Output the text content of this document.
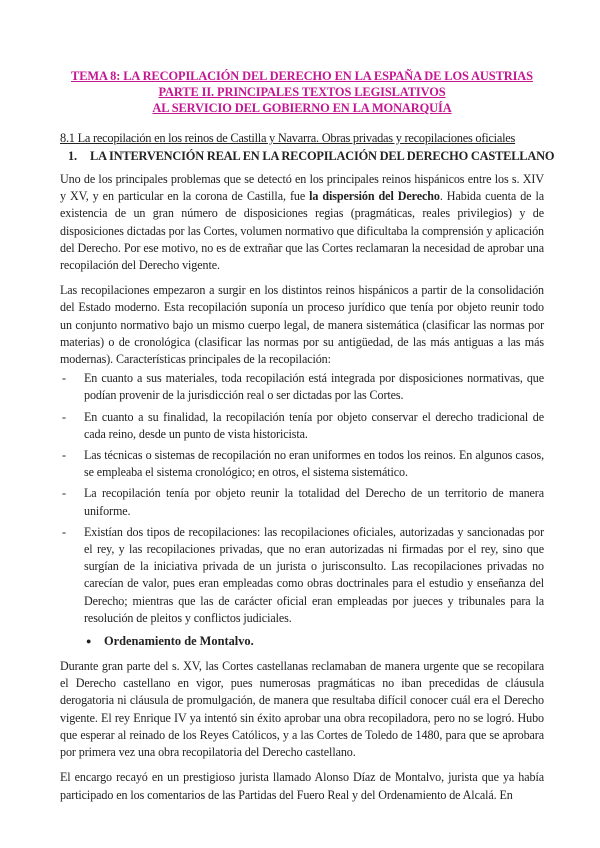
TEMA 8: LA RECOPILACIÓN DEL DERECHO EN LA ESPAÑA DE LOS AUSTRIAS
PARTE II. PRINCIPALES TEXTOS LEGISLATIVOS
AL SERVICIO DEL GOBIERNO EN LA MONARQUÍA
8.1 La recopilación en los reinos de Castilla y Navarra. Obras privadas y recopilaciones oficiales
1. LA INTERVENCIÓN REAL EN LA RECOPILACIÓN DEL DERECHO CASTELLANO

Uno de los principales problemas que se detectó en los principales reinos hispánicos entre los s. XIV y XV, y en particular en la corona de Castilla, fue la dispersión del Derecho. Habida cuenta de la existencia de un gran número de disposiciones regias (pragmáticas, reales privilegios) y de disposiciones dictadas por las Cortes, volumen normativo que dificultaba la comprensión y aplicación del Derecho. Por ese motivo, no es de extrañar que las Cortes reclamaran la necesidad de aprobar una recopilación del Derecho vigente.

Las recopilaciones empezaron a surgir en los distintos reinos hispánicos a partir de la consolidación del Estado moderno. Esta recopilación suponía un proceso jurídico que tenía por objeto reunir todo un conjunto normativo bajo un mismo cuerpo legal, de manera sistemática (clasificar las normas por materias) o de cronológica (clasificar las normas por su antigüedad, de las más antiguas a las más modernas). Características principales de la recopilación:

- En cuanto a sus materiales, toda recopilación está integrada por disposiciones normativas, que podían provenir de la jurisdicción real o ser dictadas por las Cortes.
- En cuanto a su finalidad, la recopilación tenía por objeto conservar el derecho tradicional de cada reino, desde un punto de vista historicista.
- Las técnicas o sistemas de recopilación no eran uniformes en todos los reinos. En algunos casos, se empleaba el sistema cronológico; en otros, el sistema sistemático.
- La recopilación tenía por objeto reunir la totalidad del Derecho de un territorio de manera uniforme.
- Existían dos tipos de recopilaciones: las recopilaciones oficiales, autorizadas y sancionadas por el rey, y las recopilaciones privadas, que no eran autorizadas ni firmadas por el rey, sino que surgían de la iniciativa privada de un jurista o jurisconsulto. Las recopilaciones privadas no carecían de valor, pues eran empleadas como obras doctrinales para el estudio y enseñanza del Derecho; mientras que las de carácter oficial eran empleadas por jueces y tribunales para la resolución de pleitos y conflictos judiciales.
● Ordenamiento de Montalvo.

Durante gran parte del s. XV, las Cortes castellanas reclamaban de manera urgente que se recopilara el Derecho castellano en vigor, pues numerosas pragmáticas no iban precedidas de cláusula derogatoria ni cláusula de promulgación, de manera que resultaba difícil conocer cuál era el Derecho vigente. El rey Enrique IV ya intentó sin éxito aprobar una obra recopiladora, pero no se logró. Hubo que esperar al reinado de los Reyes Católicos, y a las Cortes de Toledo de 1480, para que se aprobara por primera vez una obra recopilatoria del Derecho castellano.

El encargo recayó en un prestigioso jurista llamado Alonso Díaz de Montalvo, jurista que ya había participado en los comentarios de las Partidas del Fuero Real y del Ordenamiento de Alcalá. En
